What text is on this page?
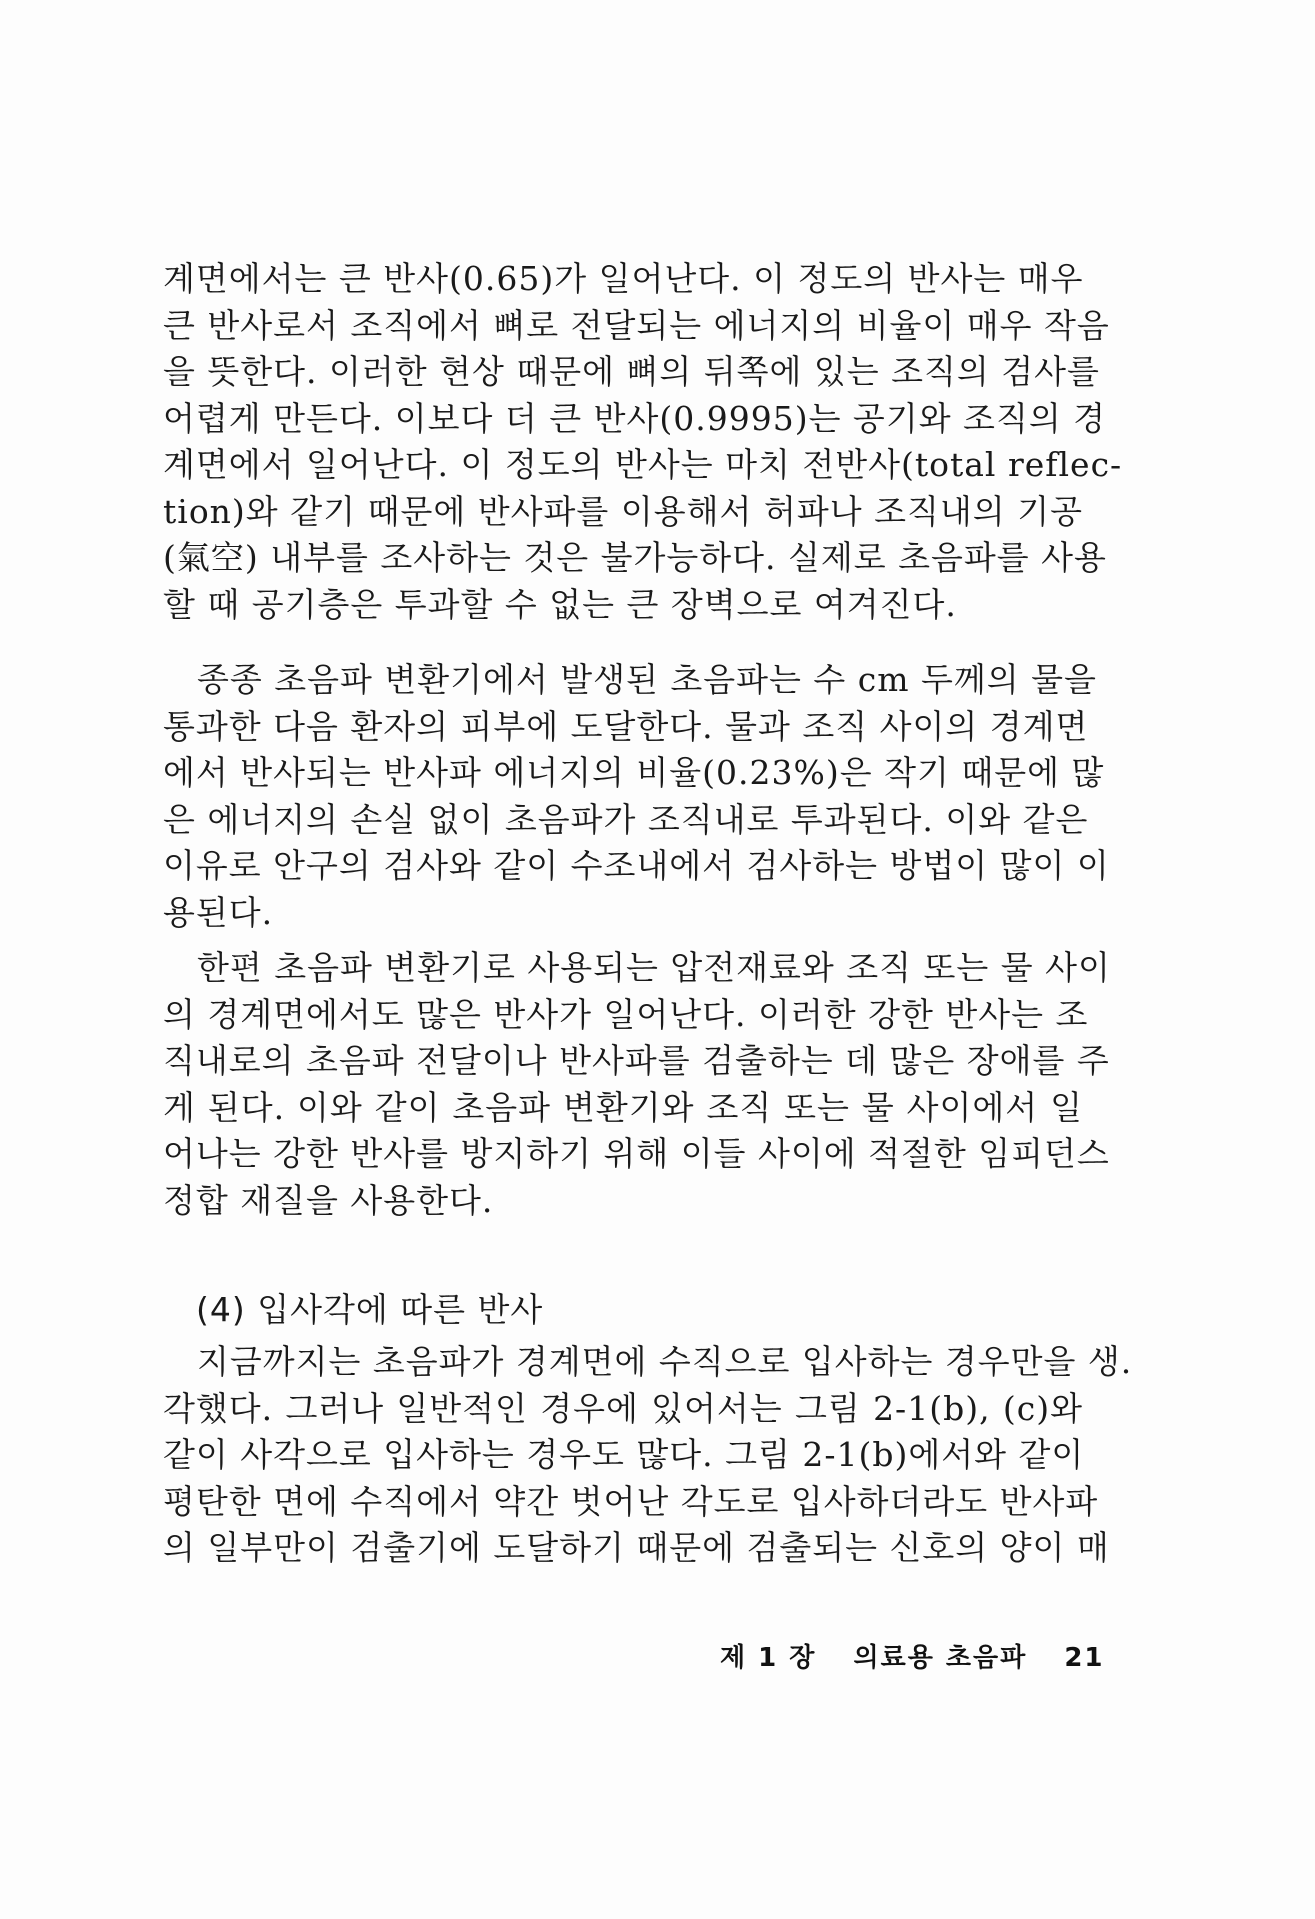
계면에서는 큰 반사(0.65)가 일어난다. 이 정도의 반사는 매우
큰 반사로서 조직에서 뼈로 전달되는 에너지의 비율이 매우 작음
을 뜻한다. 이러한 현상 때문에 뼈의 뒤쪽에 있는 조직의 검사를
어렵게 만든다. 이보다 더 큰 반사(0.9995)는 공기와 조직의 경
계면에서 일어난다. 이 정도의 반사는 마치 전반사(total reflec-
tion)와 같기 때문에 반사파를 이용해서 허파나 조직내의 기공
(氣空) 내부를 조사하는 것은 불가능하다. 실제로 초음파를 사용
할 때 공기층은 투과할 수 없는 큰 장벽으로 여겨진다.
종종 초음파 변환기에서 발생된 초음파는 수 cm 두께의 물을
통과한 다음 환자의 피부에 도달한다. 물과 조직 사이의 경계면
에서 반사되는 반사파 에너지의 비율(0.23%)은 작기 때문에 많
은 에너지의 손실 없이 초음파가 조직내로 투과된다. 이와 같은
이유로 안구의 검사와 같이 수조내에서 검사하는 방법이 많이 이
용된다.
한편 초음파 변환기로 사용되는 압전재료와 조직 또는 물 사이
의 경계면에서도 많은 반사가 일어난다. 이러한 강한 반사는 조
직내로의 초음파 전달이나 반사파를 검출하는 데 많은 장애를 주
게 된다. 이와 같이 초음파 변환기와 조직 또는 물 사이에서 일
어나는 강한 반사를 방지하기 위해 이들 사이에 적절한 임피던스
정합 재질을 사용한다.
(4) 입사각에 따른 반사
지금까지는 초음파가 경계면에 수직으로 입사하는 경우만을 생.
각했다. 그러나 일반적인 경우에 있어서는 그림 2-1(b), (c)와
같이 사각으로 입사하는 경우도 많다. 그림 2-1(b)에서와 같이
평탄한 면에 수직에서 약간 벗어난 각도로 입사하더라도 반사파
의 일부만이 검출기에 도달하기 때문에 검출되는 신호의 양이 매
제 1 장 의료용 초음파 21
